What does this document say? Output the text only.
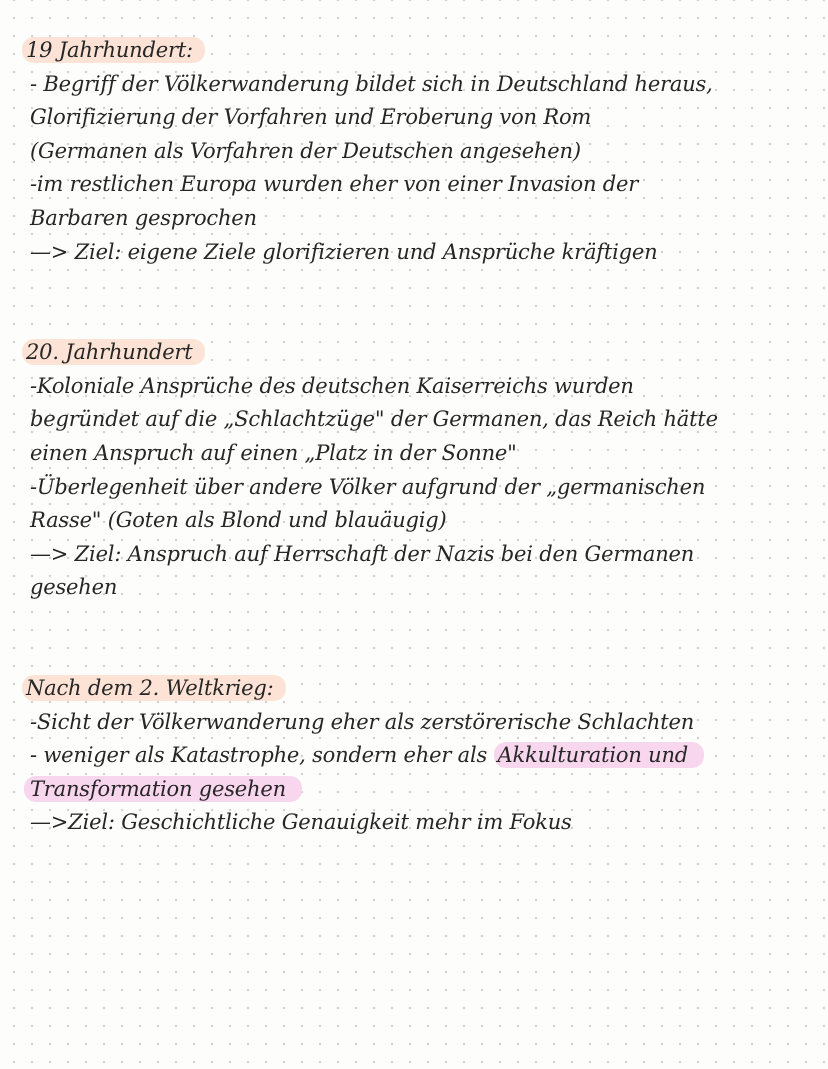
19 Jahrhundert:
- Begriff der Völkerwanderung bildet sich in Deutschland heraus,
Glorifizierung der Vorfahren und Eroberung von Rom
(Germanen als Vorfahren der Deutschen angesehen)
-im restlichen Europa wurden eher von einer Invasion der
Barbaren gesprochen
—> Ziel: eigene Ziele glorifizieren und Ansprüche kräftigen
20. Jahrhundert
-Koloniale Ansprüche des deutschen Kaiserreichs wurden
begründet auf die „Schlachtzüge" der Germanen, das Reich hätte
einen Anspruch auf einen „Platz in der Sonne"
-Überlegenheit über andere Völker aufgrund der „germanischen
Rasse" (Goten als Blond und blauäugig)
—> Ziel: Anspruch auf Herrschaft der Nazis bei den Germanen
gesehen
Nach dem 2. Weltkrieg:
-Sicht der Völkerwanderung eher als zerstörerische Schlachten
- weniger als Katastrophe, sondern eher als Akkulturation und
Transformation gesehen
—>Ziel: Geschichtliche Genauigkeit mehr im Fokus
